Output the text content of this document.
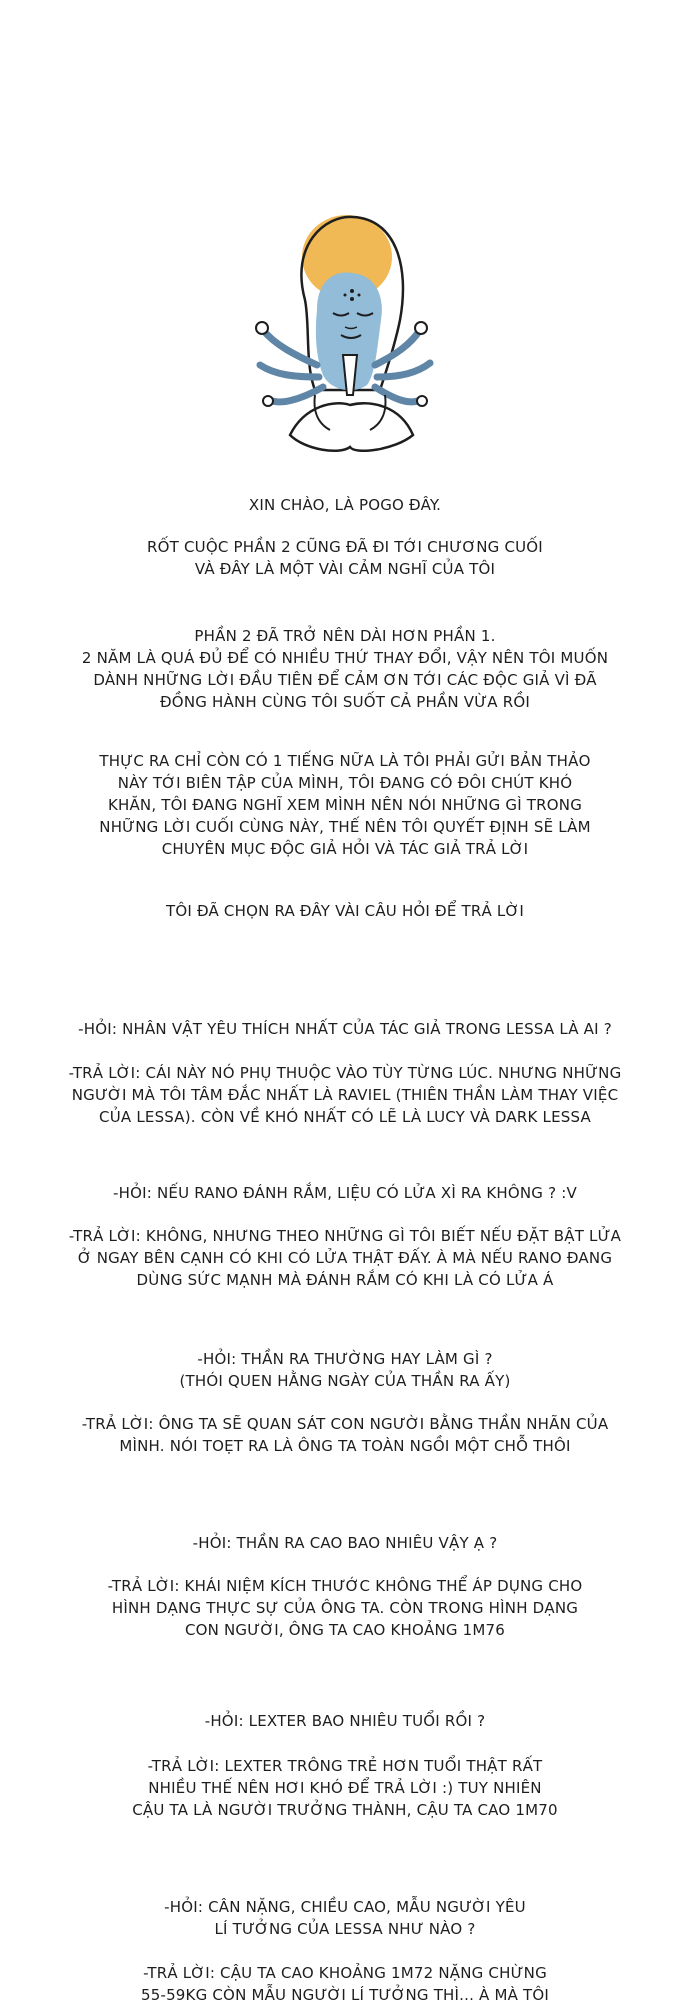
XIN CHÀO, LÀ POGO ĐÂY.
RỐT CUỘC PHẦN 2 CŨNG ĐÃ ĐI TỚI CHƯƠNG CUỐI
VÀ ĐÂY LÀ MỘT VÀI CẢM NGHĨ CỦA TÔI
PHẦN 2 ĐÃ TRỞ NÊN DÀI HƠN PHẦN 1.
2 NĂM LÀ QUÁ ĐỦ ĐỂ CÓ NHIỀU THỨ THAY ĐỔI, VẬY NÊN TÔI MUỐN
DÀNH NHỮNG LỜI ĐẦU TIÊN ĐỂ CẢM ƠN TỚI CÁC ĐỘC GIẢ VÌ ĐÃ
ĐỒNG HÀNH CÙNG TÔI SUỐT CẢ PHẦN VỪA RỒI
THỰC RA CHỈ CÒN CÓ 1 TIẾNG NỮA LÀ TÔI PHẢI GỬI BẢN THẢO
NÀY TỚI BIÊN TẬP CỦA MÌNH, TÔI ĐANG CÓ ĐÔI CHÚT KHÓ
KHĂN, TÔI ĐANG NGHĨ XEM MÌNH NÊN NÓI NHỮNG GÌ TRONG
NHỮNG LỜI CUỐI CÙNG NÀY, THẾ NÊN TÔI QUYẾT ĐỊNH SẼ LÀM
CHUYÊN MỤC ĐỘC GIẢ HỎI VÀ TÁC GIẢ TRẢ LỜI
TÔI ĐÃ CHỌN RA ĐÂY VÀI CÂU HỎI ĐỂ TRẢ LỜI
-HỎI: NHÂN VẬT YÊU THÍCH NHẤT CỦA TÁC GIẢ TRONG LESSA LÀ AI ?
-TRẢ LỜI: CÁI NÀY NÓ PHỤ THUỘC VÀO TÙY TỪNG LÚC. NHƯNG NHỮNG
NGƯỜI MÀ TÔI TÂM ĐẮC NHẤT LÀ RAVIEL (THIÊN THẦN LÀM THAY VIỆC
CỦA LESSA). CÒN VỀ KHÓ NHẤT CÓ LẼ LÀ LUCY VÀ DARK LESSA
-HỎI: NẾU RANO ĐÁNH RẮM, LIỆU CÓ LỬA XÌ RA KHÔNG ? :V
-TRẢ LỜI: KHÔNG, NHƯNG THEO NHỮNG GÌ TÔI BIẾT NẾU ĐẶT BẬT LỬA
Ở NGAY BÊN CẠNH CÓ KHI CÓ LỬA THẬT ĐẤY. À MÀ NẾU RANO ĐANG
DÙNG SỨC MẠNH MÀ ĐÁNH RẮM CÓ KHI LÀ CÓ LỬA Á
-HỎI: THẦN RA THƯỜNG HAY LÀM GÌ ?
(THÓI QUEN HẰNG NGÀY CỦA THẦN RA ẤY)
-TRẢ LỜI: ÔNG TA SẼ QUAN SÁT CON NGƯỜI BẰNG THẦN NHÃN CỦA
MÌNH. NÓI TOẸT RA LÀ ÔNG TA TOÀN NGỒI MỘT CHỖ THÔI
-HỎI: THẦN RA CAO BAO NHIÊU VẬY Ạ ?
-TRẢ LỜI: KHÁI NIỆM KÍCH THƯỚC KHÔNG THỂ ÁP DỤNG CHO
HÌNH DẠNG THỰC SỰ CỦA ÔNG TA. CÒN TRONG HÌNH DẠNG
CON NGƯỜI, ÔNG TA CAO KHOẢNG 1M76
-HỎI: LEXTER BAO NHIÊU TUỔI RỒI ?
-TRẢ LỜI: LEXTER TRÔNG TRẺ HƠN TUỔI THẬT RẤT
NHIỀU THẾ NÊN HƠI KHÓ ĐỂ TRẢ LỜI :) TUY NHIÊN
CẬU TA LÀ NGƯỜI TRƯỞNG THÀNH, CẬU TA CAO 1M70
-HỎI: CÂN NẶNG, CHIỀU CAO, MẪU NGƯỜI YÊU
LÍ TƯỞNG CỦA LESSA NHƯ NÀO ?
-TRẢ LỜI: CẬU TA CAO KHOẢNG 1M72 NẶNG CHỪNG
55-59KG CÒN MẪU NGƯỜI LÍ TƯỞNG THÌ... À MÀ TÔI
